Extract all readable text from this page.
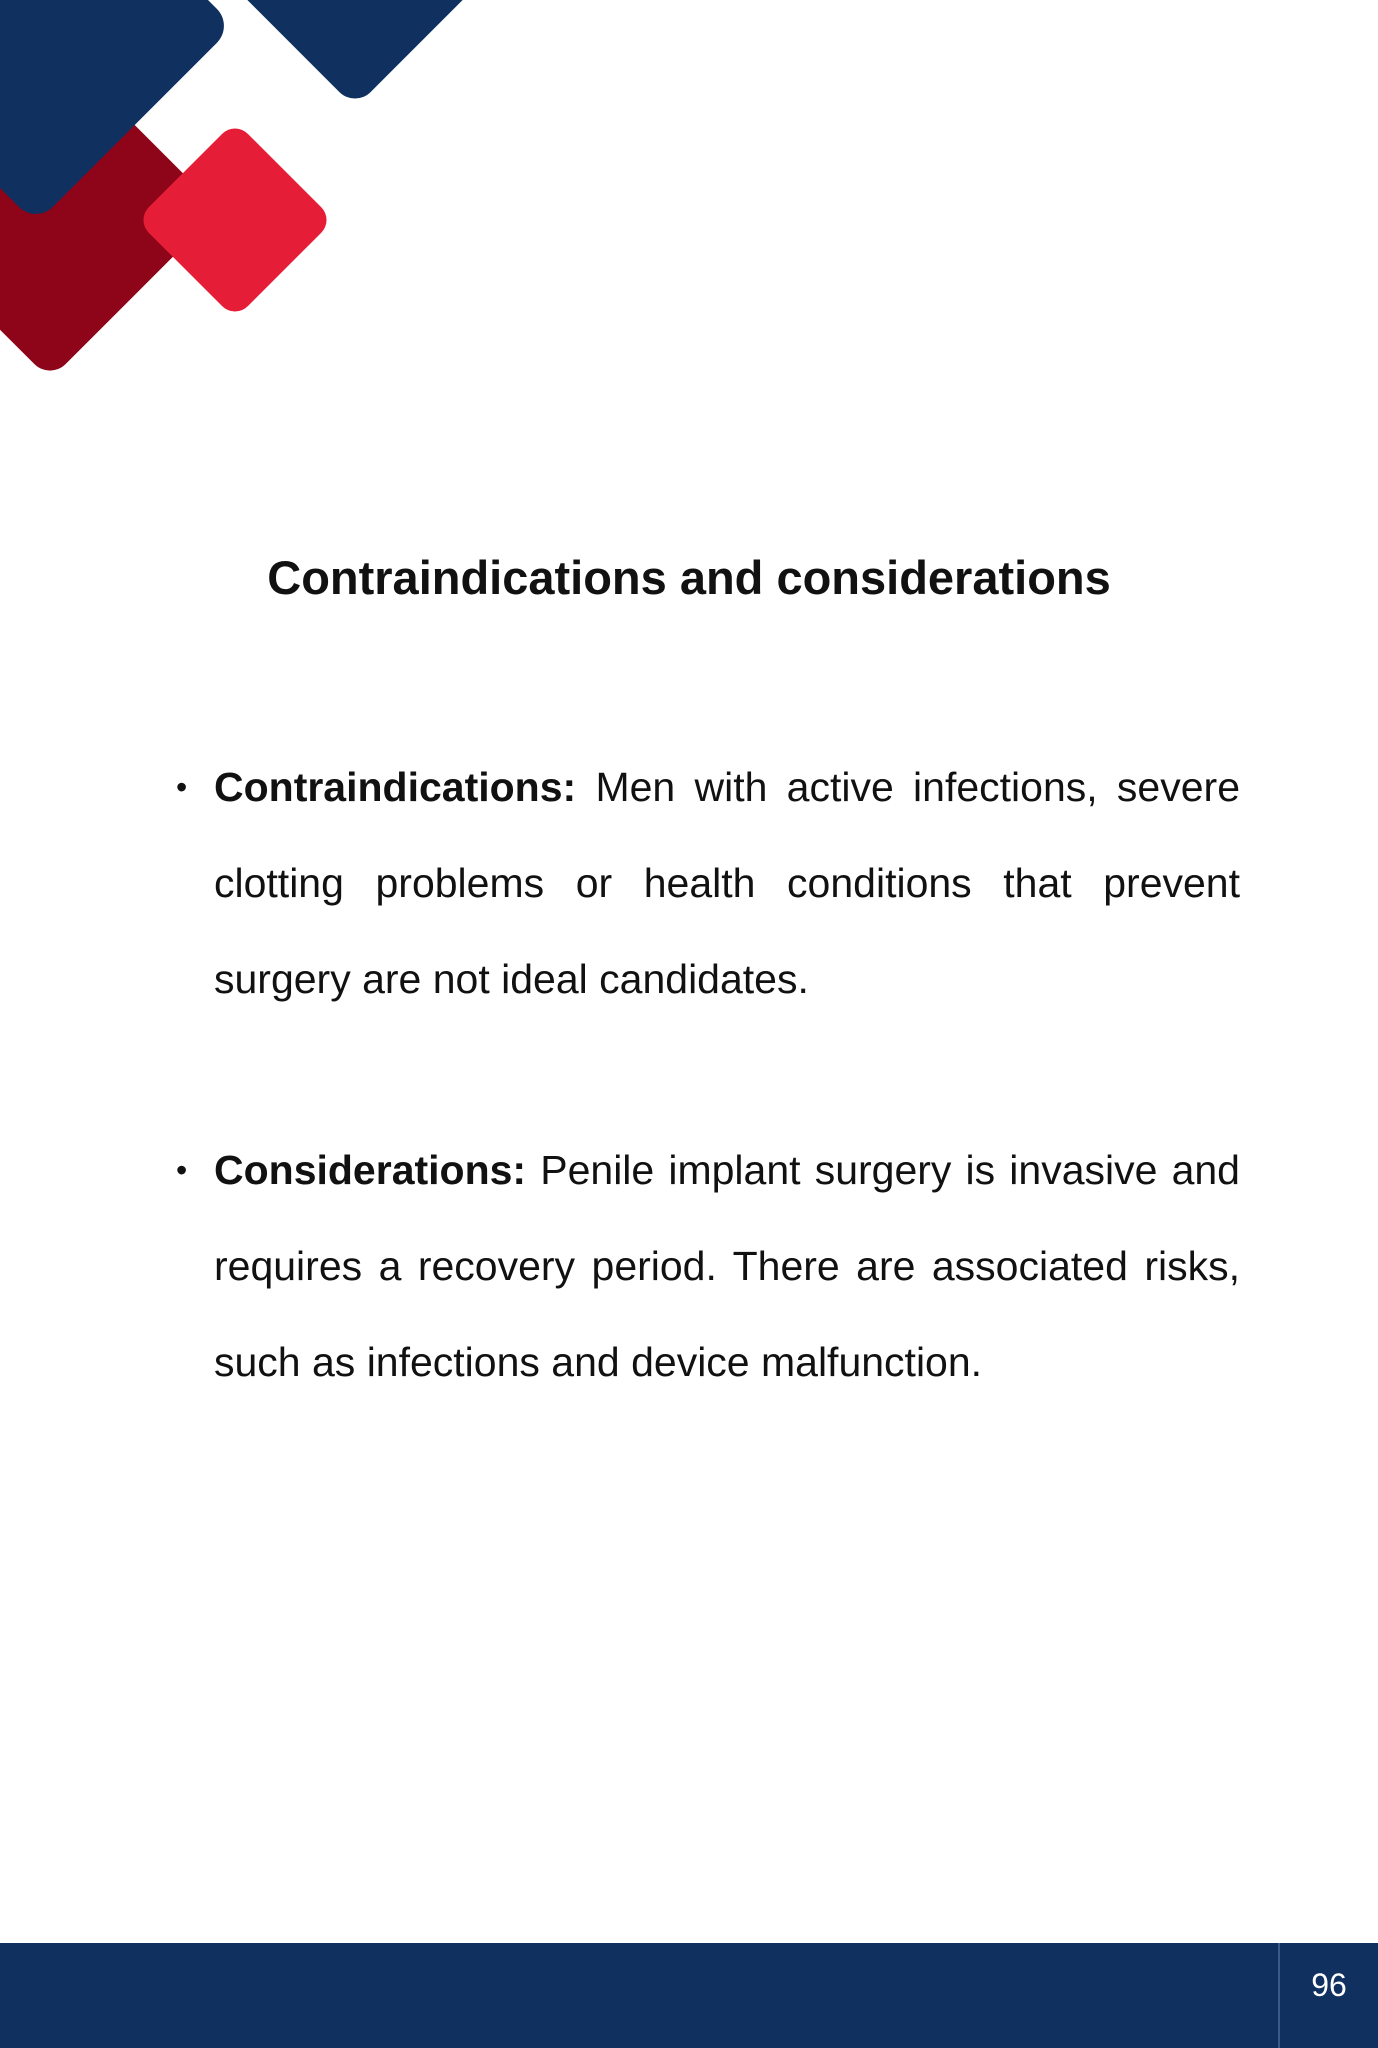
Contraindications and considerations
• Contraindications: Men with active infections, severe clotting problems or health conditions that prevent surgery are not ideal candidates.
• Considerations: Penile implant surgery is invasive and requires a recovery period. There are associated risks, such as infections and device malfunction.
96
